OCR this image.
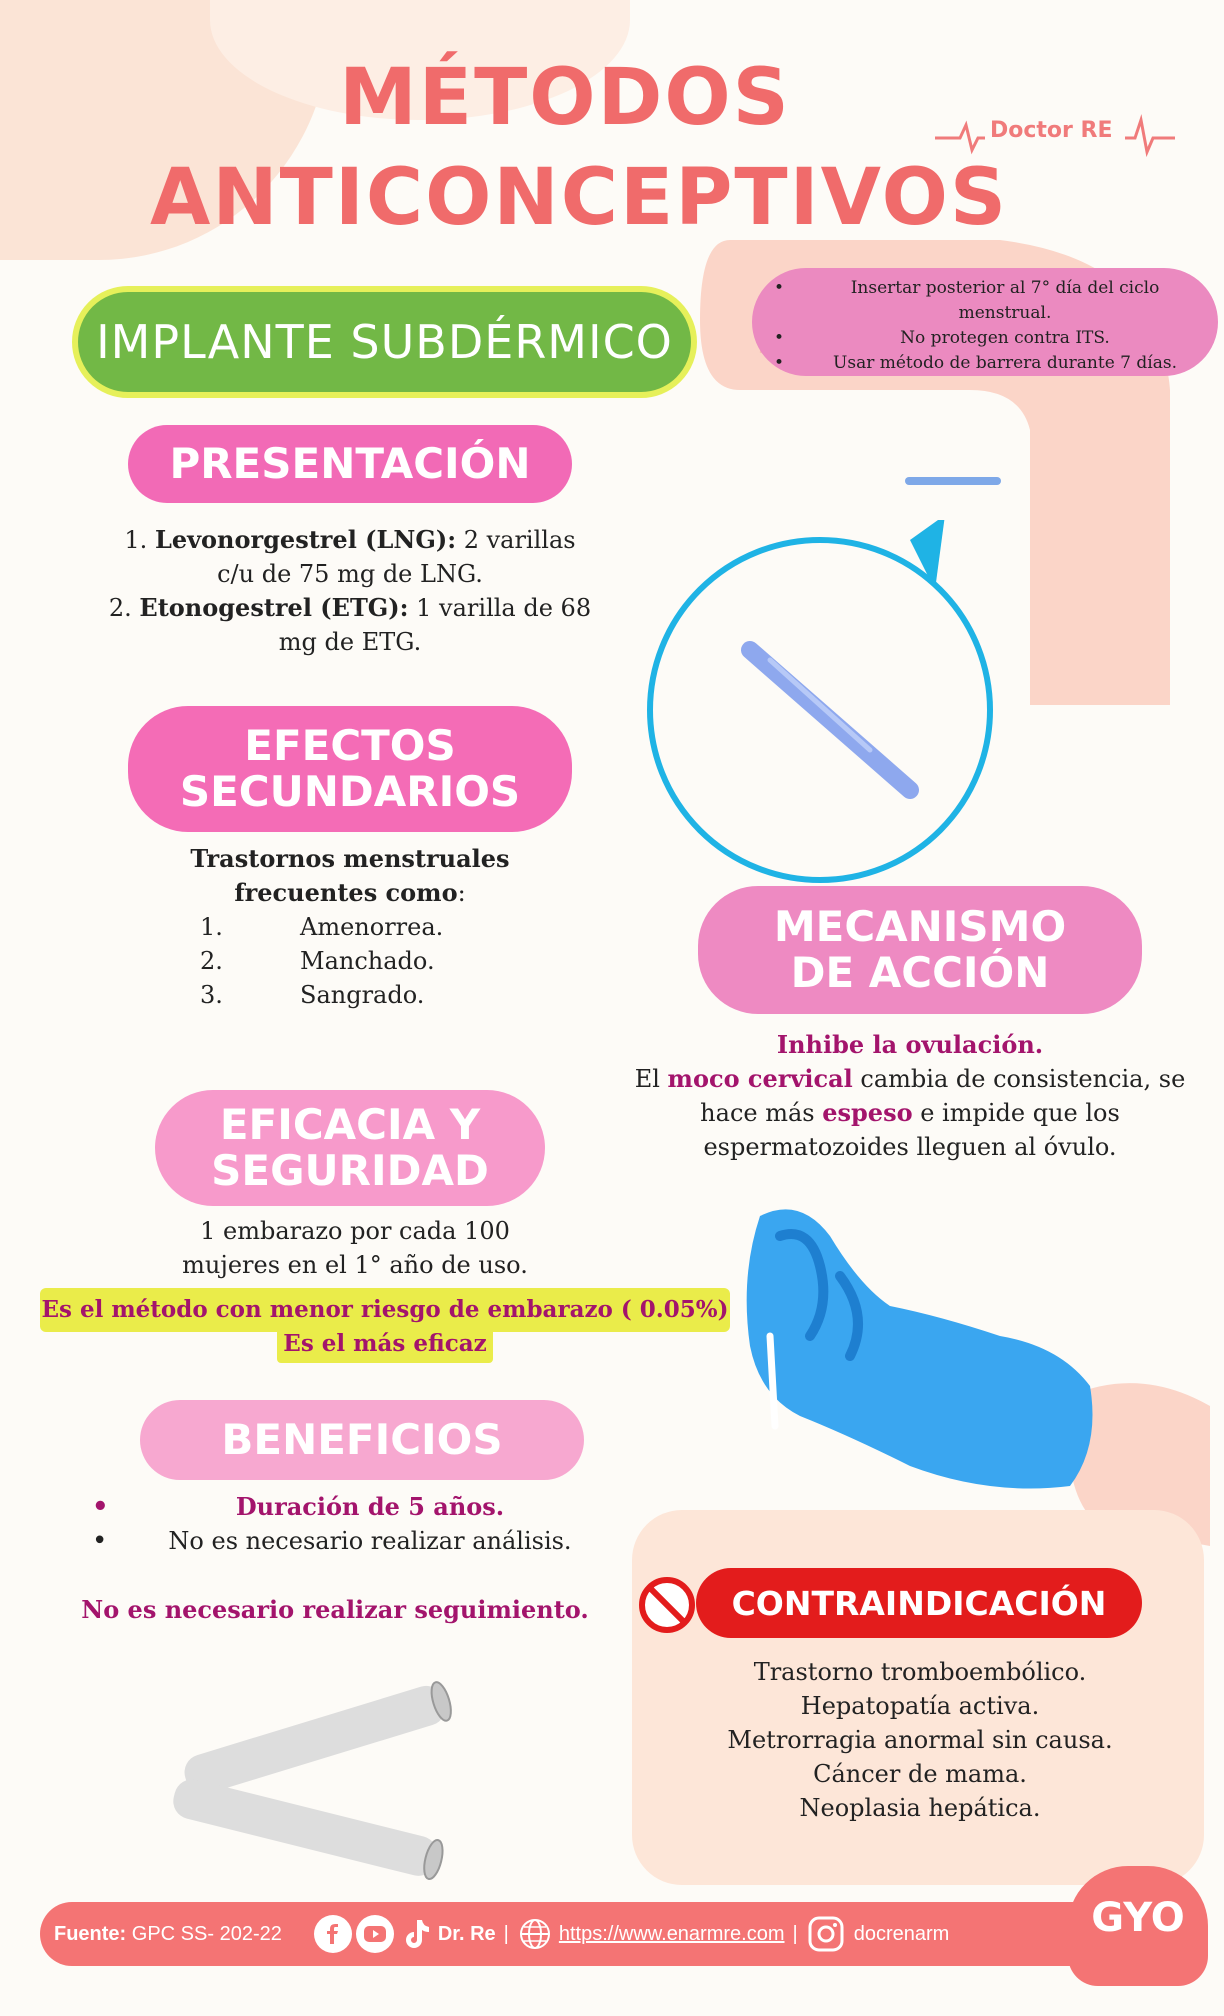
MÉTODOS
ANTICONCEPTIVOS
Doctor RE
IMPLANTE SUBDÉRMICO
• Insertar posterior al 7° día del ciclo menstrual.
• No protegen contra ITS.
• Usar método de barrera durante 7 días.
PRESENTACIÓN
1. Levonorgestrel (LNG): 2 varillas c/u de 75 mg de LNG.
2. Etonogestrel (ETG): 1 varilla de 68 mg de ETG.
EFECTOS
SECUNDARIOS
Trastornos menstruales frecuentes como:
1.	Amenorrea.
2.	Manchado.
3.	Sangrado.
MECANISMO
DE ACCIÓN
Inhibe la ovulación.
El moco cervical cambia de consistencia, se hace más espeso e impide que los espermatozoides lleguen al óvulo.
EFICACIA Y
SEGURIDAD
1 embarazo por cada 100 mujeres en el 1° año de uso.
Es el método con menor riesgo de embarazo ( 0.05%)
Es el más eficaz
BENEFICIOS
• Duración de 5 años.
• No es necesario realizar análisis.
No es necesario realizar seguimiento.	CONTRAINDICACIÓN
Trastorno tromboembólico.
Hepatopatía activa.
Metrorragia anormal sin causa.
Cáncer de mama.
Neoplasia hepática.
GYO
Fuente:
GPC SS- 202-22	Dr. Re |	https://www.enarmre.com |	docrenarm
